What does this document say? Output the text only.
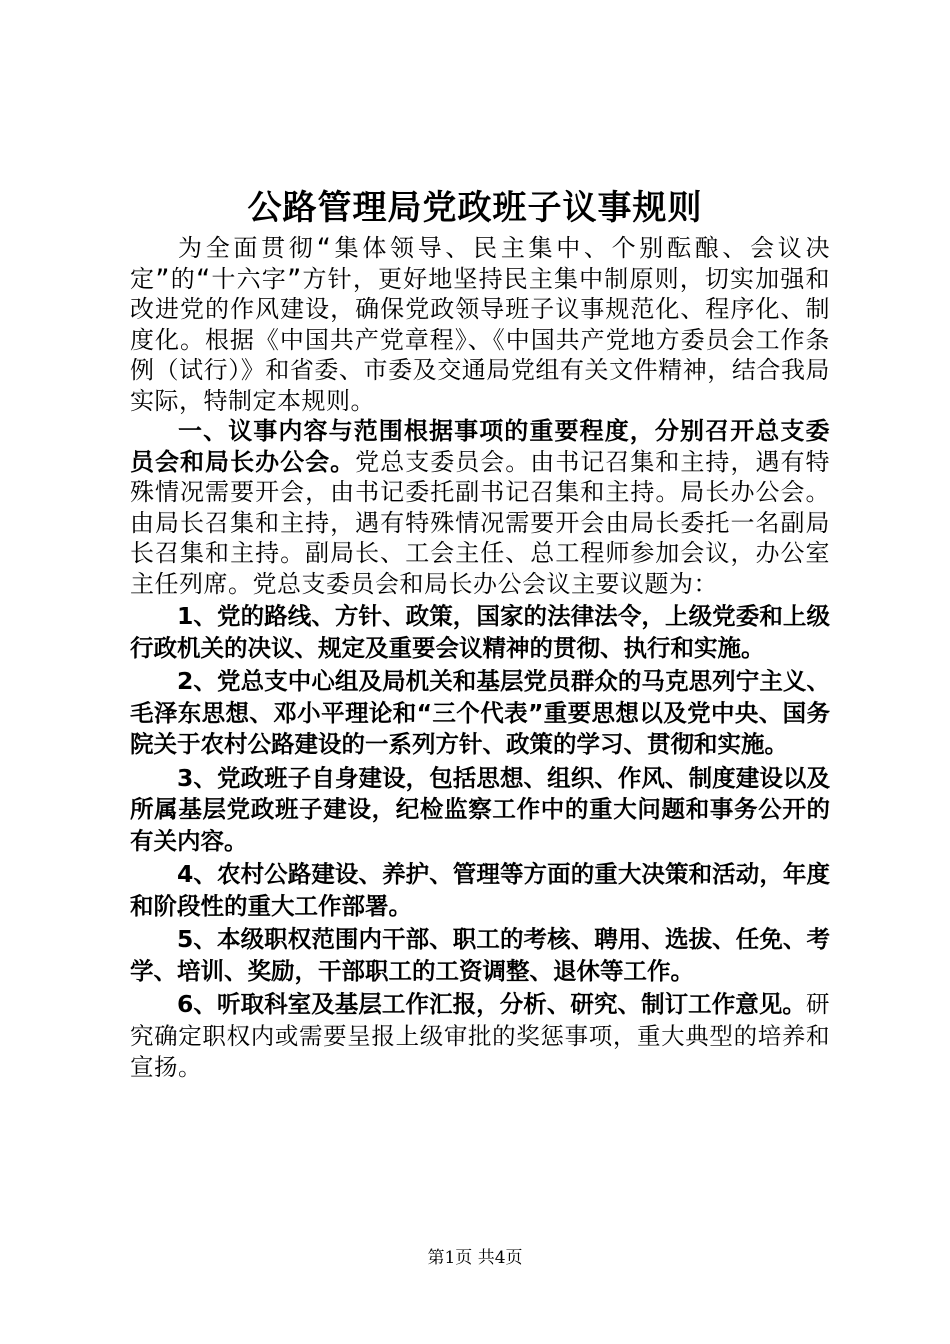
公路管理局党政班子议事规则

为全面贯彻“集体领导、民主集中、个别酝酿、会议决定”的“十六字”方针，更好地坚持民主集中制原则，切实加强和改进党的作风建设，确保党政领导班子议事规范化、程序化、制度化。根据《中国共产党章程》、《中国共产党地方委员会工作条例（试行）》和省委、市委及交通局党组有关文件精神，结合我局实际，特制定本规则。

一、议事内容与范围根据事项的重要程度，分别召开总支委员会和局长办公会。党总支委员会。由书记召集和主持，遇有特殊情况需要开会，由书记委托副书记召集和主持。局长办公会。由局长召集和主持，遇有特殊情况需要开会由局长委托一名副局长召集和主持。副局长、工会主任、总工程师参加会议，办公室主任列席。党总支委员会和局长办公会议主要议题为：

1、党的路线、方针、政策，国家的法律法令，上级党委和上级行政机关的决议、规定及重要会议精神的贯彻、执行和实施。

2、党总支中心组及局机关和基层党员群众的马克思列宁主义、毛泽东思想、邓小平理论和“三个代表”重要思想以及党中央、国务院关于农村公路建设的一系列方针、政策的学习、贯彻和实施。

3、党政班子自身建设，包括思想、组织、作风、制度建设以及所属基层党政班子建设，纪检监察工作中的重大问题和事务公开的有关内容。

4、农村公路建设、养护、管理等方面的重大决策和活动，年度和阶段性的重大工作部署。

5、本级职权范围内干部、职工的考核、聘用、选拔、任免、考学、培训、奖励，干部职工的工资调整、退休等工作。

6、听取科室及基层工作汇报，分析、研究、制订工作意见。研究确定职权内或需要呈报上级审批的奖惩事项，重大典型的培养和宣扬。

第1页 共4页
